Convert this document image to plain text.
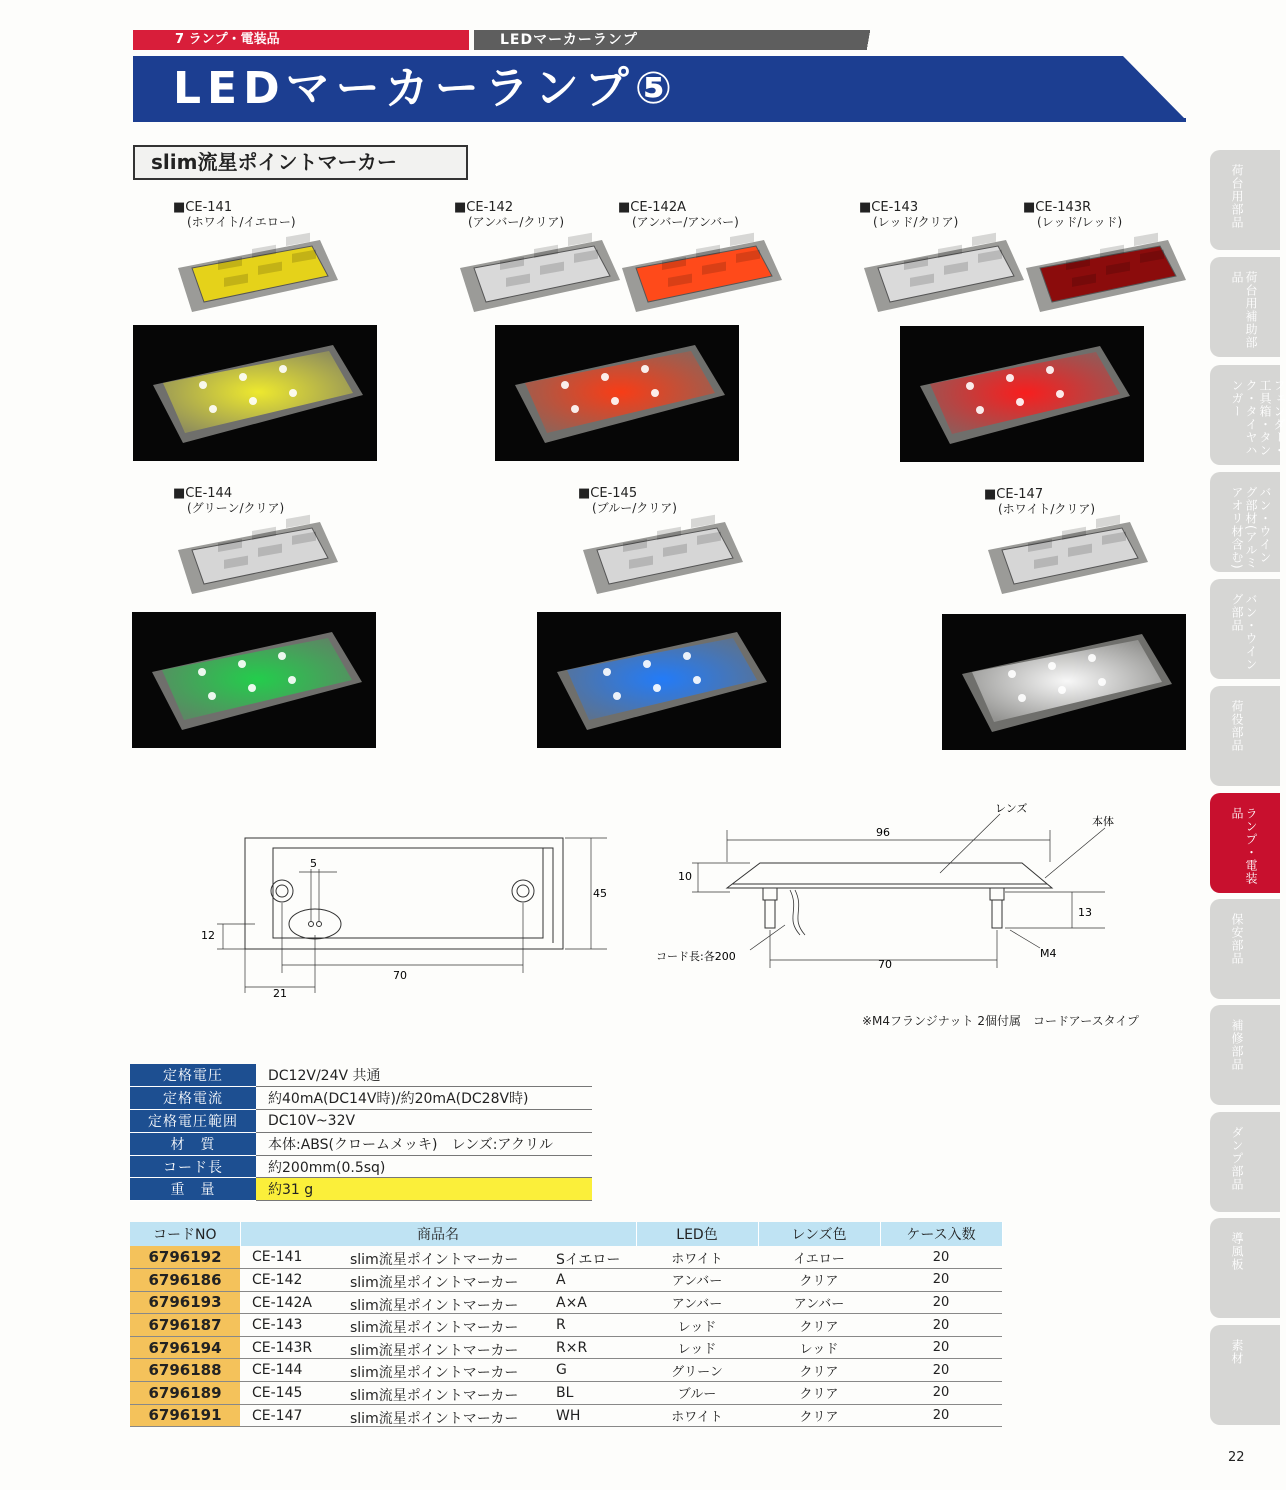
7 ランプ・電装品	LEDマーカーランプ
LEDマーカーランプ⑤
slim流星ポイントマーカー
■ CE-141
(ホワイト/イエロー)
■ CE-142
(アンバー/クリア)
■ CE-142A
(アンバー/アンバー)
■ CE-143
(レッド/クリア)
■ CE-143R
(レッド/レッド)
■ CE-144
(グリーン/クリア)
■ CE-145
(ブルー/クリア)
■ CE-147
(ホワイト/クリア)
5
45
12
70
21
レンズ
本体
96
10
13
70
コード長:各200	M4
※M4フランジナット 2個付属　コードアースタイプ
定格電圧	DC12V/24V 共通
定格電流	約40mA(DC14V時)/約20mA(DC28V時)
定格電圧範囲	DC10V~32V
材　質	本体:ABS(クロームメッキ)　レンズ:アクリル
コード長	約200mm(0.5sq)
重　量	約31 g
コードNO	商品名	LED色	レンズ色	ケース入数
6796192	CE-141 slim流星ポイントマーカー Sイエロー	ホワイト	イエロー	20
6796186	CE-142 slim流星ポイントマーカー A	アンバー	クリア	20
6796193	CE-142A slim流星ポイントマーカー A×A	アンバー	アンバー	20
6796187	CE-143 slim流星ポイントマーカー R	レッド	クリア	20
6796194	CE-143R slim流星ポイントマーカー R×R	レッド	レッド	20
6796188	CE-144 slim流星ポイントマーカー G	グリーン	クリア	20
6796189	CE-145 slim流星ポイントマーカー BL	ブルー	クリア	20
6796191	CE-147 slim流星ポイントマーカー WH	ホワイト	クリア	20
荷台用部品
荷台用補助部品
フェンダー・工具箱・タンク・タイヤハンガー
バン・ウイング部材(アルミアオリ材含む)
バン・ウイング部品
荷役部品
ランプ・電装品
保安部品
補修部品
ダンプ部品
導風板
素材
22
